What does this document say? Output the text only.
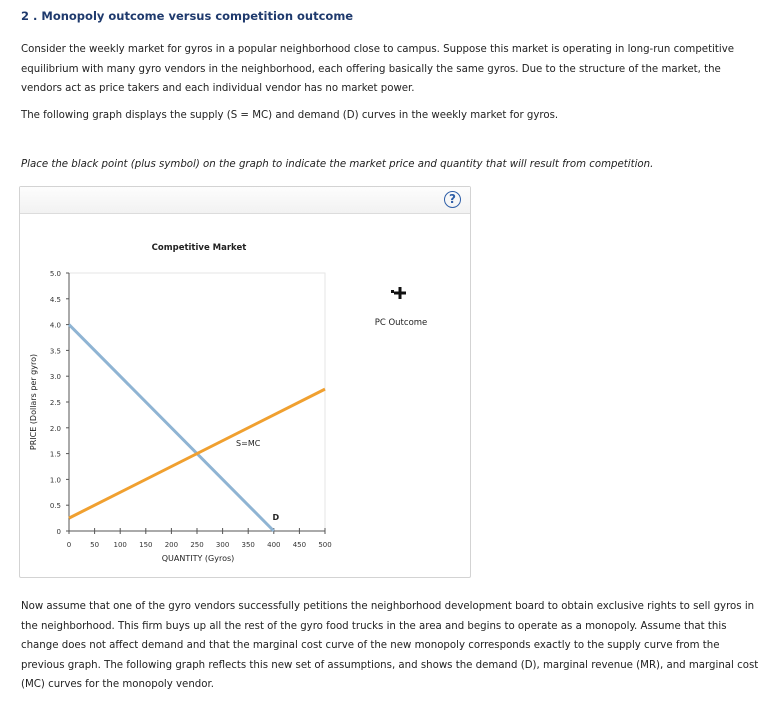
2 . Monopoly outcome versus competition outcome
Consider the weekly market for gyros in a popular neighborhood close to campus. Suppose this market is operating in long-run competitive equilibrium with many gyro vendors in the neighborhood, each offering basically the same gyros. Due to the structure of the market, the vendors act as price takers and each individual vendor has no market power.
The following graph displays the supply (S = MC) and demand (D) curves in the weekly market for gyros.
Place the black point (plus symbol) on the graph to indicate the market price and quantity that will result from competition.
?
Competitive Market
PRICE (Dollars per gyro)
QUANTITY (Gyros)
0
0.5
1.0
1.5
2.0
2.5
3.0
3.5
4.0
4.5
5.0
0	50 100 150 200 250 300 350 400 450 500
D
S=MC
PC Outcome
Now assume that one of the gyro vendors successfully petitions the neighborhood development board to obtain exclusive rights to sell gyros in the neighborhood. This firm buys up all the rest of the gyro food trucks in the area and begins to operate as a monopoly. Assume that this change does not affect demand and that the marginal cost curve of the new monopoly corresponds exactly to the supply curve from the previous graph. The following graph reflects this new set of assumptions, and shows the demand (D), marginal revenue (MR), and marginal cost (MC) curves for the monopoly vendor.
